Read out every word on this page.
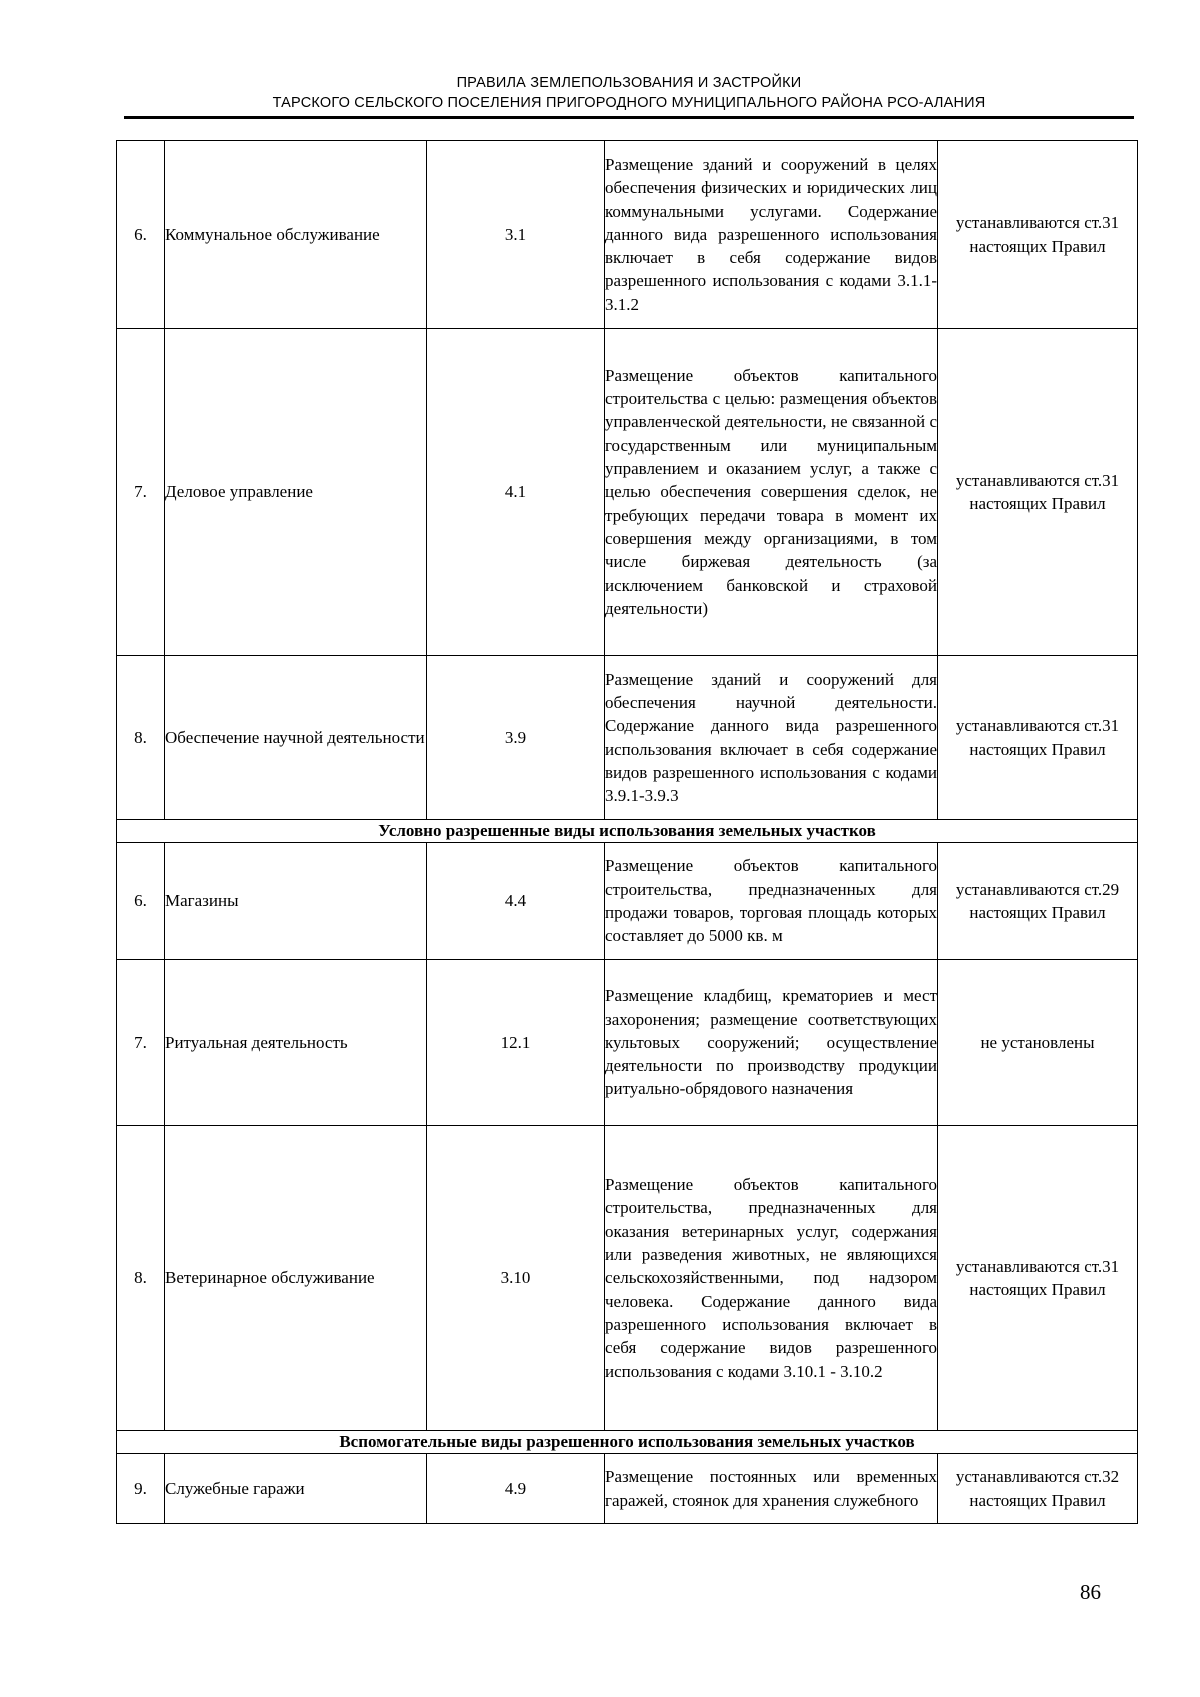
ПРАВИЛА ЗЕМЛЕПОЛЬЗОВАНИЯ И ЗАСТРОЙКИ
ТАРСКОГО СЕЛЬСКОГО ПОСЕЛЕНИЯ ПРИГОРОДНОГО МУНИЦИПАЛЬНОГО РАЙОНА РСО-АЛАНИЯ
6.	Коммунальное обслуживание	3.1	Размещение зданий и сооружений в целях обеспечения физических и юридических лиц коммунальными услугами. Содержание данного вида разрешенного использования включает в себя содержание видов разрешенного использования с кодами 3.1.1-3.1.2	устанавливаются ст.31 настоящих Правил
7.	Деловое управление	4.1	Размещение объектов капитального строительства с целью: размещения объектов управленческой деятельности, не связанной с государственным или муниципальным управлением и оказанием услуг, а также с целью обеспечения совершения сделок, не требующих передачи товара в момент их совершения между организациями, в том числе биржевая деятельность (за исключением банковской и страховой деятельности)	устанавливаются ст.31 настоящих Правил
8.	Обеспечение научной деятельности	3.9	Размещение зданий и сооружений для обеспечения научной деятельности. Содержание данного вида разрешенного использования включает в себя содержание видов разрешенного использования с кодами 3.9.1-3.9.3	устанавливаются ст.31 настоящих Правил
Условно разрешенные виды использования земельных участков				
6.	Магазины	4.4	Размещение объектов капитального строительства, предназначенных для продажи товаров, торговая площадь которых составляет до 5000 кв. м	устанавливаются ст.29 настоящих Правил
7.	Ритуальная деятельность	12.1	Размещение кладбищ, крематориев и мест захоронения; размещение соответствующих культовых сооружений; осуществление деятельности по производству продукции ритуально-обрядового назначения	не установлены
8.	Ветеринарное обслуживание	3.10	Размещение объектов капитального строительства, предназначенных для оказания ветеринарных услуг, содержания или разведения животных, не являющихся сельскохозяйственными, под надзором человека. Содержание данного вида разрешенного использования включает в себя содержание видов разрешенного использования с кодами 3.10.1 - 3.10.2	устанавливаются ст.31 настоящих Правил
Вспомогательные виды разрешенного использования земельных участков				
9.	Служебные гаражи	4.9	Размещение постоянных или временных гаражей, стоянок для хранения служебного	устанавливаются ст.32 настоящих Правил
86
